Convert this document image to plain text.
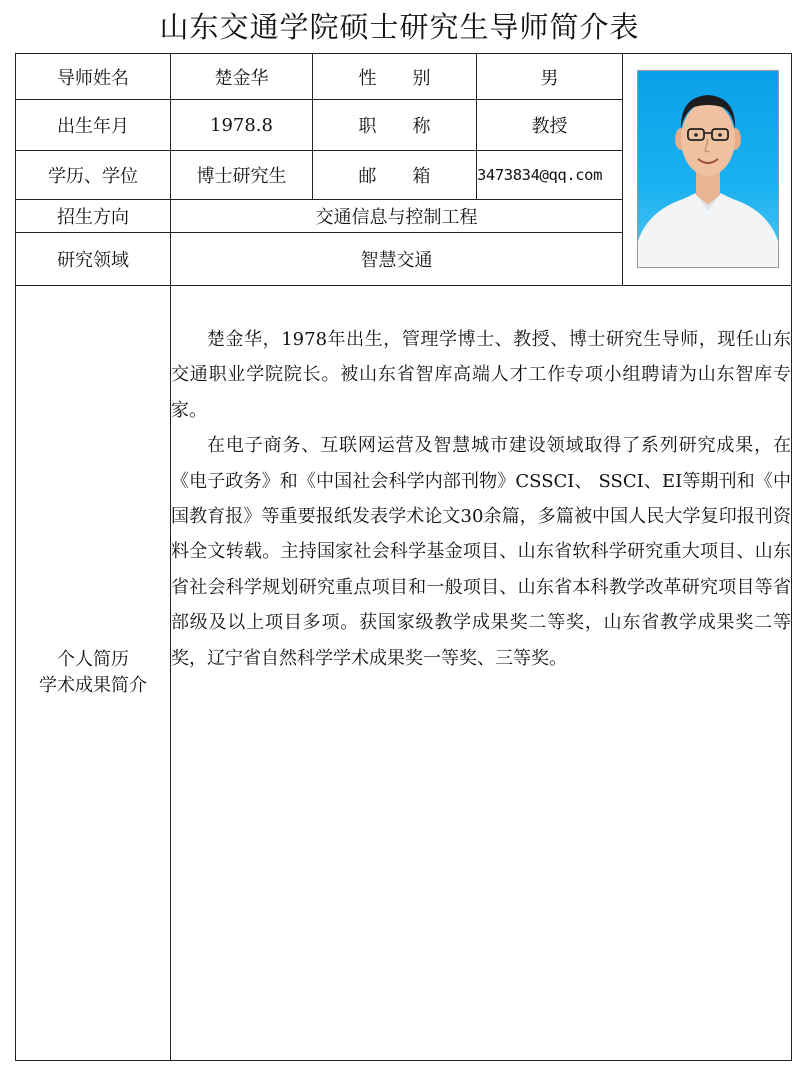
山东交通学院硕士研究生导师简介表
导师姓名	楚金华	性　　别	男
出生年月	1978.8	职　　称	教授
学历、学位	博士研究生	邮　　箱	3473834@qq.com
招生方向	交通信息与控制工程
研究领域	智慧交通
个人简历
学术成果简介

楚金华，1978年出生，管理学博士、教授、博士研究生导师，现任山东交通职业学院院长。被山东省智库高端人才工作专项小组聘请为山东智库专家。

在电子商务、互联网运营及智慧城市建设领域取得了系列研究成果，在《电子政务》和《中国社会科学内部刊物》CSSCI、 SSCI、EI等期刊和《中国教育报》等重要报纸发表学术论文30余篇，多篇被中国人民大学复印报刊资料全文转载。主持国家社会科学基金项目、山东省软科学研究重大项目、山东省社会科学规划研究重点项目和一般项目、山东省本科教学改革研究项目等省部级及以上项目多项。获国家级教学成果奖二等奖，山东省教学成果奖二等奖，辽宁省自然科学学术成果奖一等奖、三等奖。
